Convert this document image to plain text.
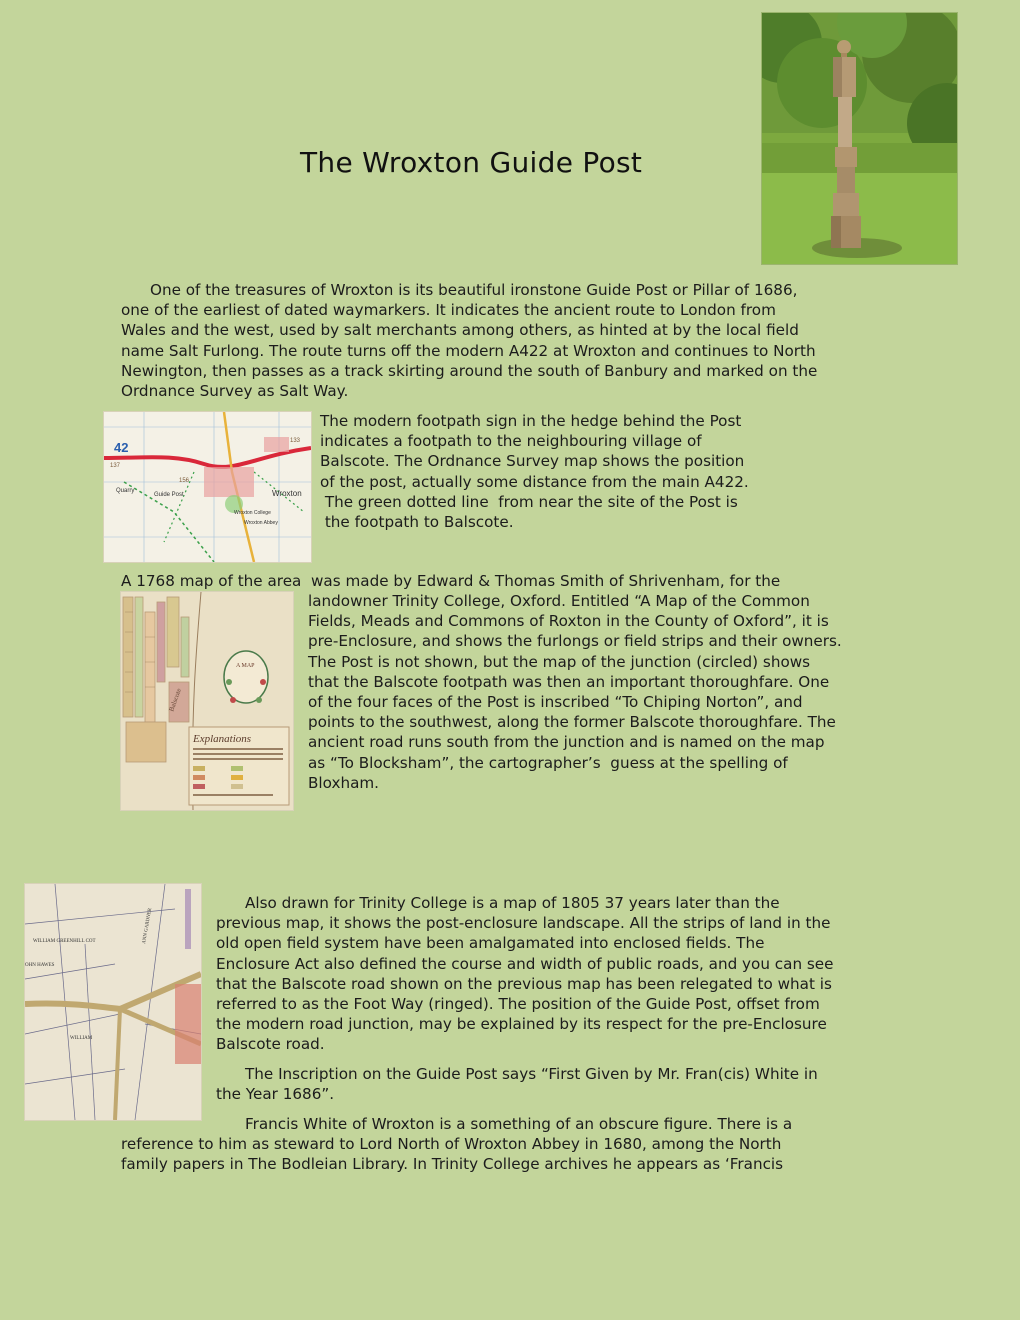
The Wroxton Guide Post
One of the treasures of Wroxton is its beautiful ironstone Guide Post or Pillar of 1686,
one of the earliest of dated waymarkers. It indicates the ancient route to London from
Wales and the west, used by salt merchants among others, as hinted at by the local field
name Salt Furlong. The route turns off the modern A422 at Wroxton and continues to North
Newington, then passes as a track skirting around the south of Banbury and marked on the
Ordnance Survey as Salt Way.
42
Guide Post	Wroxton
Wroxton College
Wroxton Abbey
Quarry
156
137
133
The modern footpath sign in the hedge behind the Post
indicates a footpath to the neighbouring village of
Balscote. The Ordnance Survey map shows the position
of the post, actually some distance from the main A422.
The green dotted line  from near the site of the Post is
the footpath to Balscote.
A 1768 map of the area  was made by Edward & Thomas Smith of Shrivenham, for the
A MAP
Explanations
Balscote
landowner Trinity College, Oxford. Entitled “A Map of the Common
Fields, Meads and Commons of Roxton in the County of Oxford”, it is
pre-Enclosure, and shows the furlongs or field strips and their owners.
The Post is not shown, but the map of the junction (circled) shows
that the Balscote footpath was then an important thoroughfare. One
of the four faces of the Post is inscribed “To Chiping Norton”, and
points to the southwest, along the former Balscote thoroughfare. The
ancient road runs south from the junction and is named on the map
as “To Blocksham”, the cartographer’s  guess at the spelling of
Bloxham.
WILLIAM GREENHILL COT
OHN HAWES
WILLIAM
ANN GARDNER
Also drawn for Trinity College is a map of 1805 37 years later than the
previous map, it shows the post-enclosure landscape. All the strips of land in the
old open field system have been amalgamated into enclosed fields. The
Enclosure Act also defined the course and width of public roads, and you can see
that the Balscote road shown on the previous map has been relegated to what is
referred to as the Foot Way (ringed). The position of the Guide Post, offset from
the modern road junction, may be explained by its respect for the pre-Enclosure
Balscote road.
The Inscription on the Guide Post says “First Given by Mr. Fran(cis) White in
the Year 1686”.
Francis White of Wroxton is a something of an obscure figure. There is a
reference to him as steward to Lord North of Wroxton Abbey in 1680, among the North
family papers in The Bodleian Library. In Trinity College archives he appears as ‘Francis
